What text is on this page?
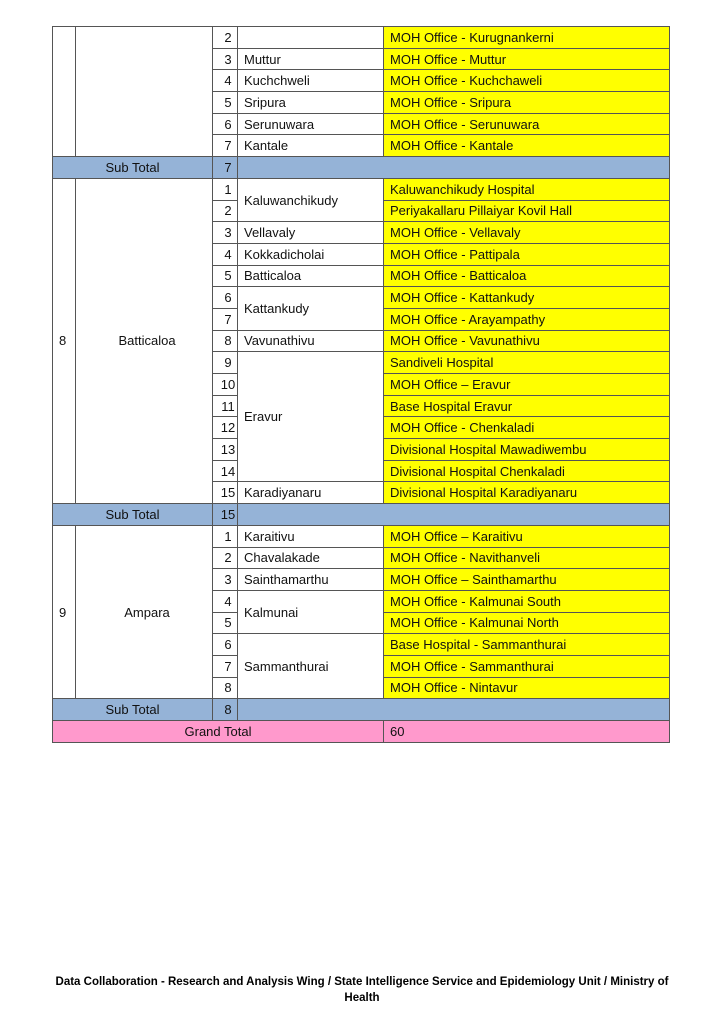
		2		MOH Office - Kurugnankerni
		3	Muttur	MOH Office - Muttur
		4	Kuchchweli	MOH Office - Kuchchaweli
		5	Sripura	MOH Office - Sripura
		6	Serunuwara	MOH Office - Serunuwara
		7	Kantale	MOH Office - Kantale
Sub Total		7		
8	Batticaloa	1	Kaluwanchikudy	Kaluwanchikudy Hospital
		2		Periyakallaru Pillaiyar Kovil Hall
		3	Vellavaly	MOH Office - Vellavaly
		4	Kokkadicholai	MOH Office - Pattipala
		5	Batticaloa	MOH Office - Batticaloa
		6	Kattankudy	MOH Office - Kattankudy
		7		MOH Office - Arayampathy
		8	Vavunathivu	MOH Office - Vavunathivu
		9	Eravur	Sandiveli Hospital
		10		MOH Office – Eravur
		11		Base Hospital Eravur
		12		MOH Office - Chenkaladi
		13		Divisional Hospital Mawadiwembu
		14		Divisional Hospital Chenkaladi
		15	Karadiyanaru	Divisional Hospital Karadiyanaru
Sub Total		15		
9	Ampara	1	Karaitivu	MOH Office – Karaitivu
		2	Chavalakade	MOH Office - Navithanveli
		3	Sainthamarthu	MOH Office – Sainthamarthu
		4	Kalmunai	MOH Office - Kalmunai South
		5		MOH Office - Kalmunai North
		6	Sammanthurai	Base Hospital - Sammanthurai
		7		MOH Office - Sammanthurai
		8		MOH Office - Nintavur
Sub Total		8		
Grand Total				60
Data Collaboration - Research and Analysis Wing / State Intelligence Service and Epidemiology Unit / Ministry of
Health
